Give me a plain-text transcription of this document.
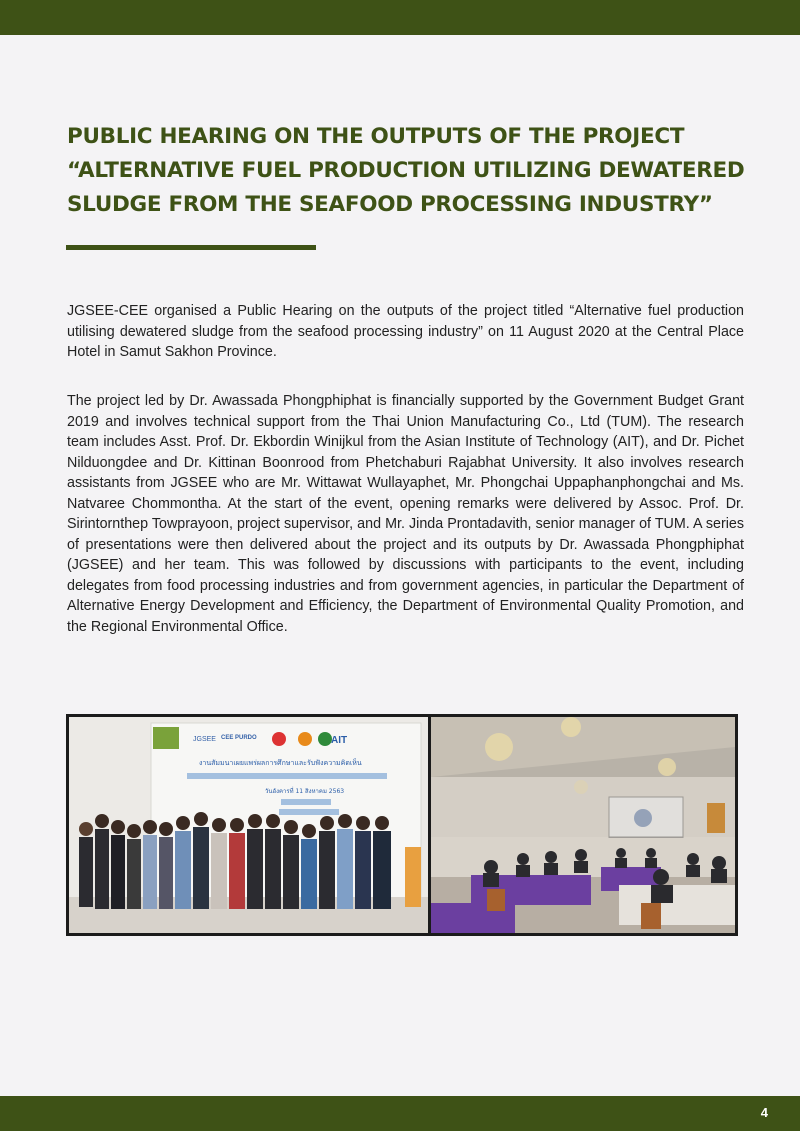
PUBLIC HEARING ON THE OUTPUTS OF THE PROJECT “ALTERNATIVE FUEL PRODUCTION UTILIZING DEWATERED SLUDGE FROM THE SEAFOOD PROCESSING INDUSTRY”

JGSEE-CEE organised a Public Hearing on the outputs of the project titled “Alternative fuel production utilising dewatered sludge from the seafood processing industry” on 11 August 2020 at the Central Place Hotel in Samut Sakhon Province.

The project led by Dr. Awassada Phongphiphat is financially supported by the Government Budget Grant 2019 and involves technical support from the Thai Union Manufacturing Co., Ltd (TUM). The research team includes Asst. Prof. Dr. Ekbordin Winijkul from the Asian Institute of Technology (AIT), and Dr. Pichet Nilduongdee and Dr. Kittinan Boonrood from Phetchaburi Rajabhat University. It also involves research assistants from JGSEE who are Mr. Wittawat Wullayaphet, Mr. Phongchai Uppaphanphongchai and Ms. Natvaree Chommontha. At the start of the event, opening remarks were delivered by Assoc. Prof. Dr. Sirintornthep Towprayoon, project supervisor, and Mr. Jinda Prontadavith, senior manager of TUM. A series of presentations were then delivered about the project and its outputs by Dr. Awassada Phongphiphat (JGSEE) and her team. This was followed by discussions with participants to the event, including delegates from food processing industries and from government agencies, in particular the Department of Alternative Energy Development and Efficiency, the Department of Environmental Quality Promotion, and the Regional Environmental Office.

JGSEE CEE PURDO	AIT
งานสัมมนาเผยแพร่ผลการศึกษาและรับฟังความคิดเห็น
วันอังคารที่ 11 สิงหาคม 2563
4
